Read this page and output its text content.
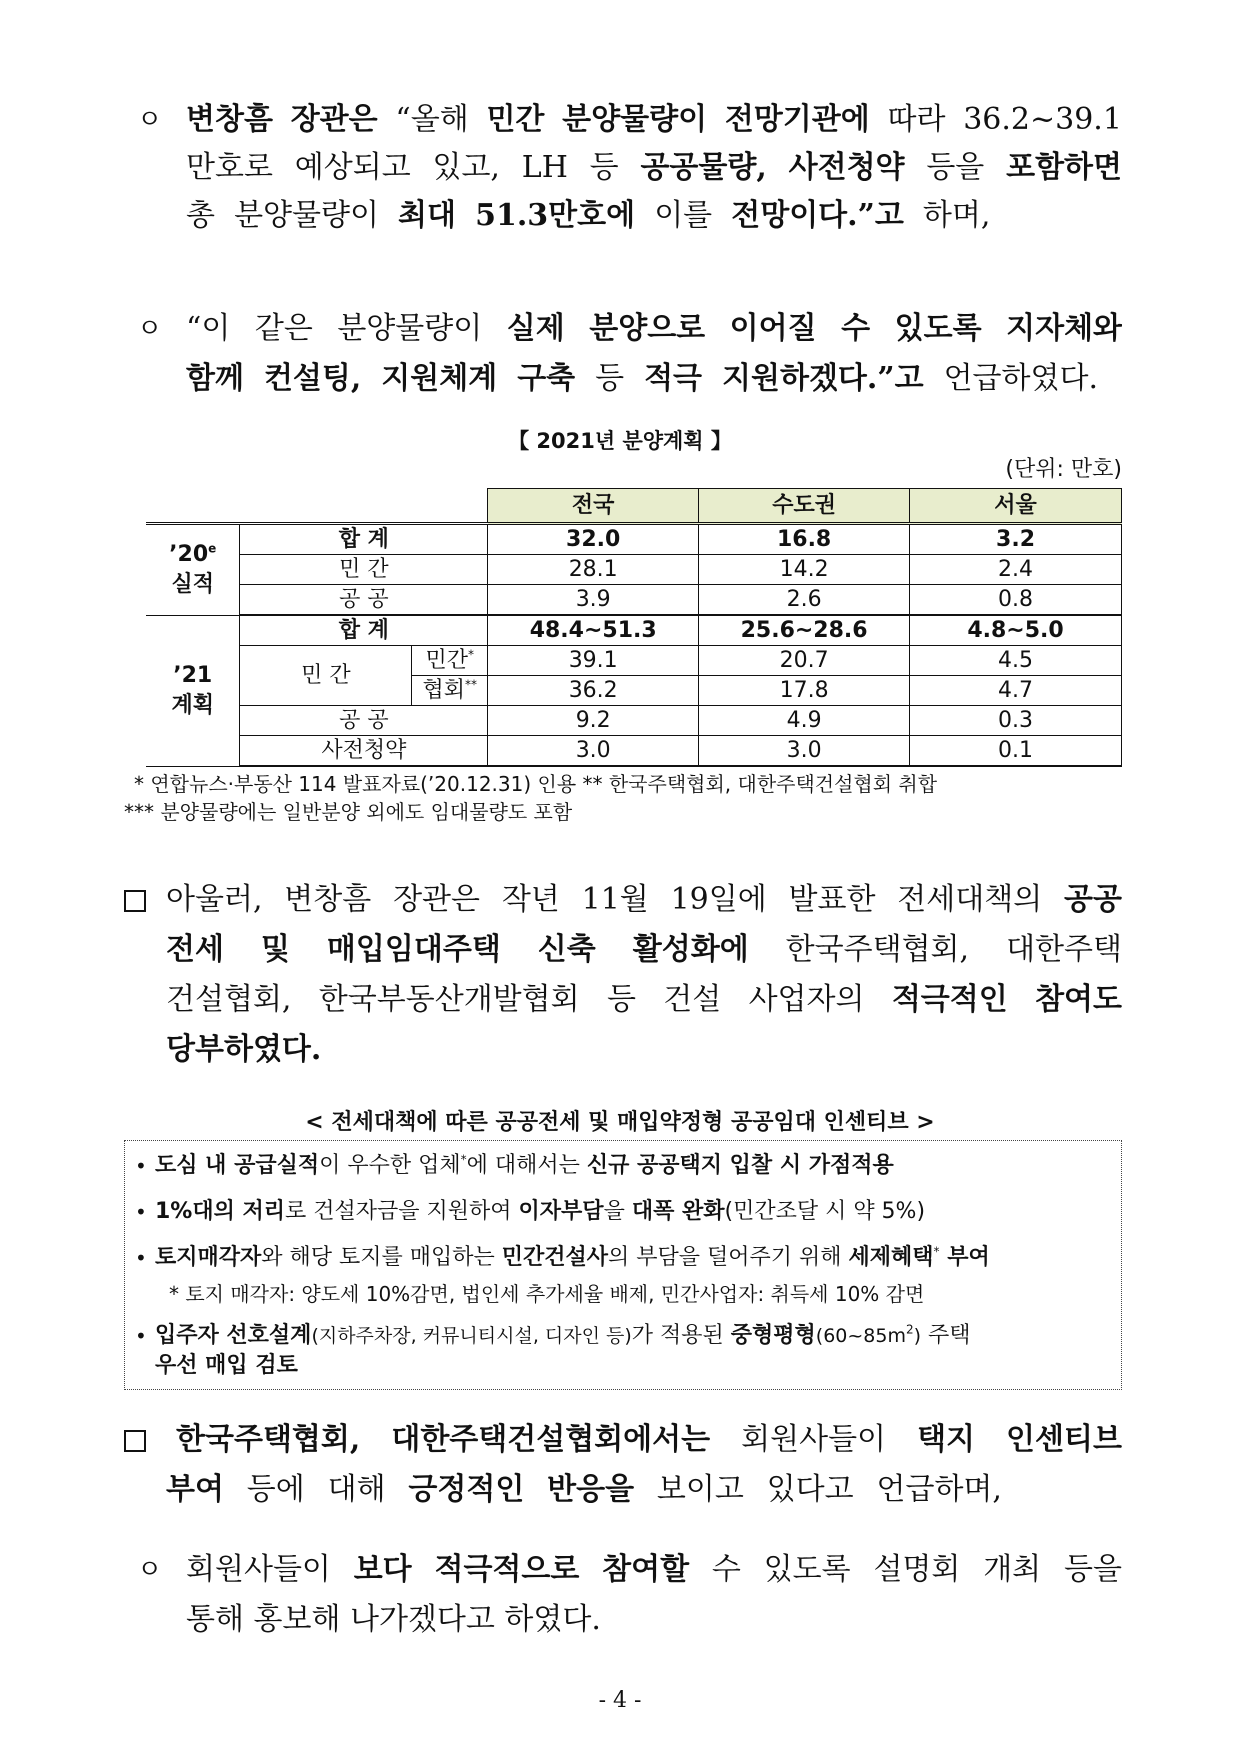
ㅇ 변창흠 장관은 “올해 민간 분양물량이 전망기관에 따라 36.2~39.1
만호로 예상되고 있고, LH 등 공공물량, 사전청약 등을 포함하면
총 분양물량이 최대 51.3만호에 이를 전망이다.”고 하며,
ㅇ “이 같은 분양물량이 실제 분양으로 이어질 수 있도록 지자체와
함께 컨설팅, 지원체계 구축 등 적극 지원하겠다.”고 언급하였다.
【 2021년 분양계획 】
(단위: 만호)
			전국	수도권	서울
’20e
실적	합 계		32.0	16.8	3.2
	민 간		28.1	14.2	2.4
	공 공		3.9	2.6	0.8
’21
계획	합 계		48.4~51.3	25.6~28.6	4.8~5.0
	민 간	민간*	39.1	20.7	4.5
		협회**	36.2	17.8	4.7
	공 공		9.2	4.9	0.3
	사전청약		3.0	3.0	0.1
* 연합뉴스·부동산 114 발표자료(’20.12.31) 인용 ** 한국주택협회, 대한주택건설협회 취합
*** 분양물량에는 일반분양 외에도 임대물량도 포함
아울러, 변창흠 장관은 작년 11월 19일에 발표한 전세대책의 공공
전세 및 매입임대주택 신축 활성화에 한국주택협회, 대한주택
건설협회, 한국부동산개발협회 등 건설 사업자의 적극적인 참여도
당부하였다.
< 전세대책에 따른 공공전세 및 매입약정형 공공임대 인센티브 >
• 도심 내 공급실적이 우수한 업체*에 대해서는 신규 공공택지 입찰 시 가점적용
• 1%대의 저리로 건설자금을 지원하여 이자부담을 대폭 완화(민간조달 시 약 5%)
• 토지매각자와 해당 토지를 매입하는 민간건설사의 부담을 덜어주기 위해 세제혜택* 부여
* 토지 매각자: 양도세 10%감면, 법인세 추가세율 배제, 민간사업자: 취득세 10% 감면
• 입주자 선호설계(지하주차장, 커뮤니티시설, 디자인 등)가 적용된 중형평형$(60\sim 85m^2)$ 주택
우선 매입 검토
한국주택협회, 대한주택건설협회에서는 회원사들이 택지 인센티브
부여 등에 대해 긍정적인 반응을 보이고 있다고 언급하며,
ㅇ 회원사들이 보다 적극적으로 참여할 수 있도록 설명회 개최 등을
통해 홍보해 나가겠다고 하였다.
- 4 -
